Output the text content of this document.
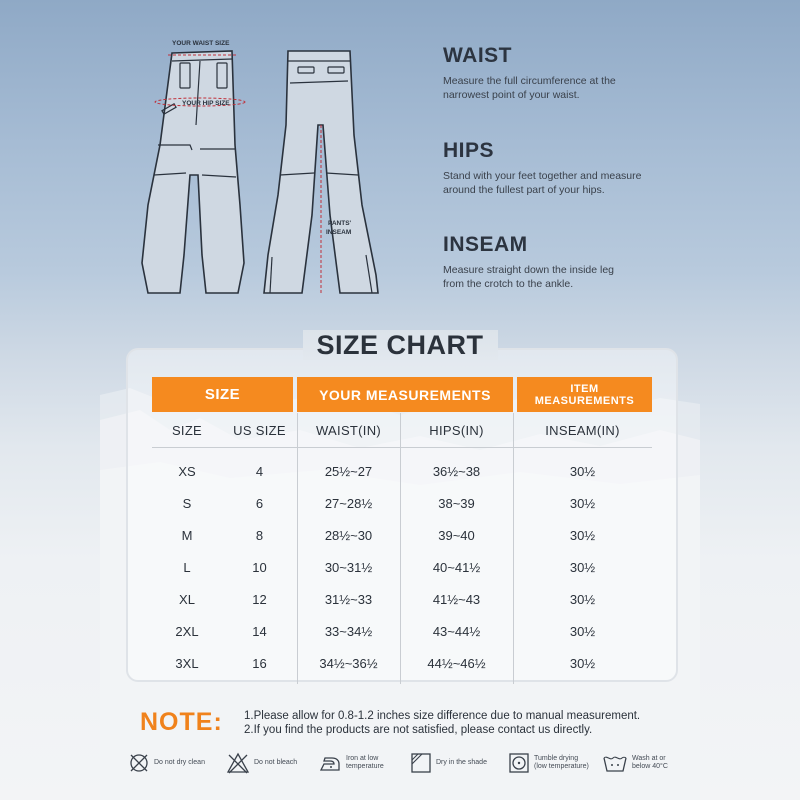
YOUR WAIST SIZE
YOUR HIP SIZE
PANTS'
INSEAM
WAIST
Measure the full circumference at the
narrowest point of your waist.
HIPS
Stand with your feet together and measure
around the fullest part of your hips.
INSEAM
Measure straight down the inside leg
from the crotch to the ankle.
SIZE CHART
SIZE	YOUR MEASUREMENTS	ITEM
MEASUREMENTS
SIZE	US SIZE	WAIST(IN)	HIPS(IN)	INSEAM(IN)
XS	4	25½~27	36½~38	30½
S	6	27~28½	38~39	30½
M	8	28½~30	39~40	30½
L	10	30~31½	40~41½	30½
XL	12	31½~33	41½~43	30½
2XL	14	33~34½	43~44½	30½
3XL	16	34½~36½	44½~46½	30½
NOTE: 1.Please allow for 0.8-1.2 inches size difference due to manual measurement.
2.If you find the products are not satisfied, please contact us directly.
Do not dry clean	Do not bleach
Iron at low
temperature
Dry in the shade
Tumble drying
(low temperature)
Wash at or
below 40°C
